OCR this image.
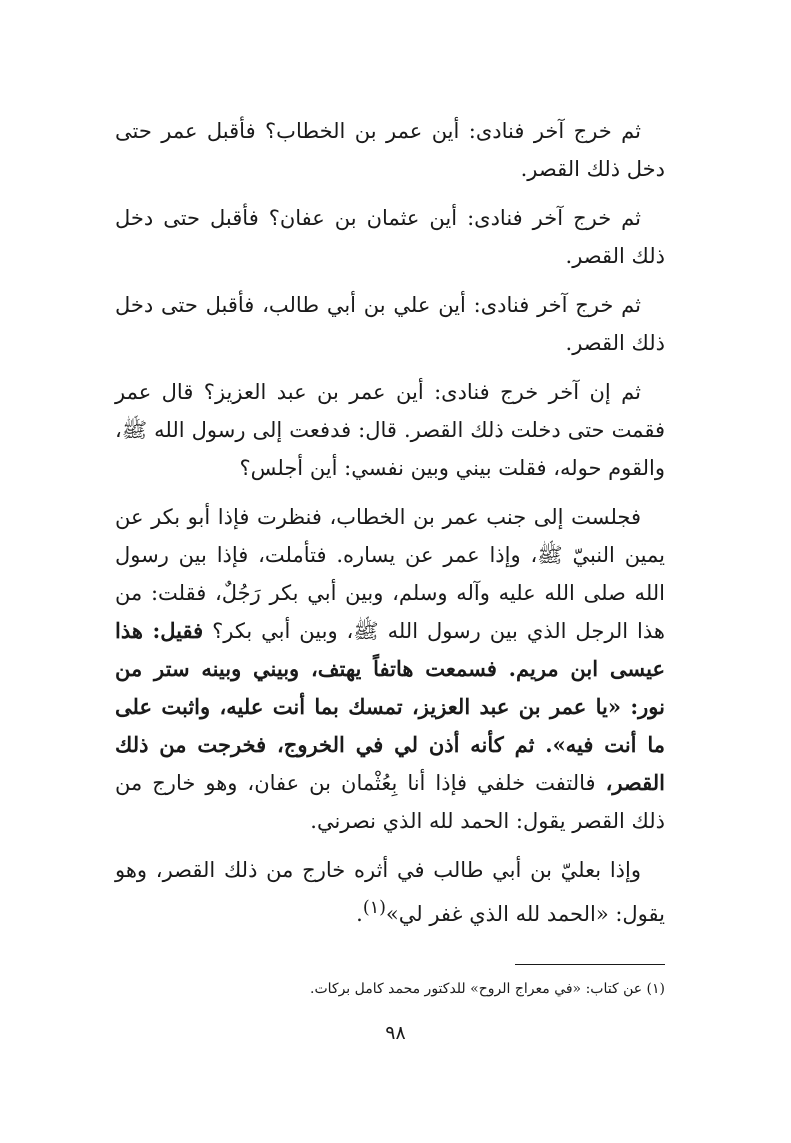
ثم خرج آخر فنادى: أين عمر بن الخطاب؟ فأقبل عمر حتى دخل ذلك القصر.

ثم خرج آخر فنادى: أين عثمان بن عفان؟ فأقبل حتى دخل ذلك القصر.

ثم خرج آخر فنادى: أين علي بن أبي طالب، فأقبل حتى دخل ذلك القصر.

ثم إن آخر خرج فنادى: أين عمر بن عبد العزيز؟ قال عمر فقمت حتى دخلت ذلك القصر. قال: فدفعت إلى رسول الله ﷺ، والقوم حوله، فقلت بيني وبين نفسي: أين أجلس؟

فجلست إلى جنب عمر بن الخطاب، فنظرت فإذا أبو بكر عن يمين النبيّ ﷺ، وإذا عمر عن يساره. فتأملت، فإذا بين رسول الله صلى الله عليه وآله وسلم، وبين أبي بكر رَجُلٌ، فقلت: من هذا الرجل الذي بين رسول الله ﷺ، وبين أبي بكر؟ فقيل: هذا عيسى ابن مريم. فسمعت هاتفاً يهتف، وبيني وبينه ستر من نور: «يا عمر بن عبد العزيز، تمسك بما أنت عليه، واثبت على ما أنت فيه». ثم كأنه أذن لي في الخروج، فخرجت من ذلك القصر، فالتفت خلفي فإذا أنا بِعُثْمان بن عفان، وهو خارج من ذلك القصر يقول: الحمد لله الذي نصرني.

وإذا بعليّ بن أبي طالب في أثره خارج من ذلك القصر، وهو يقول: «الحمد لله الذي غفر لي»$^{(١)}$.

(١) عن كتاب: «في معراج الروح» للدكتور محمد كامل بركات.
٩٨
